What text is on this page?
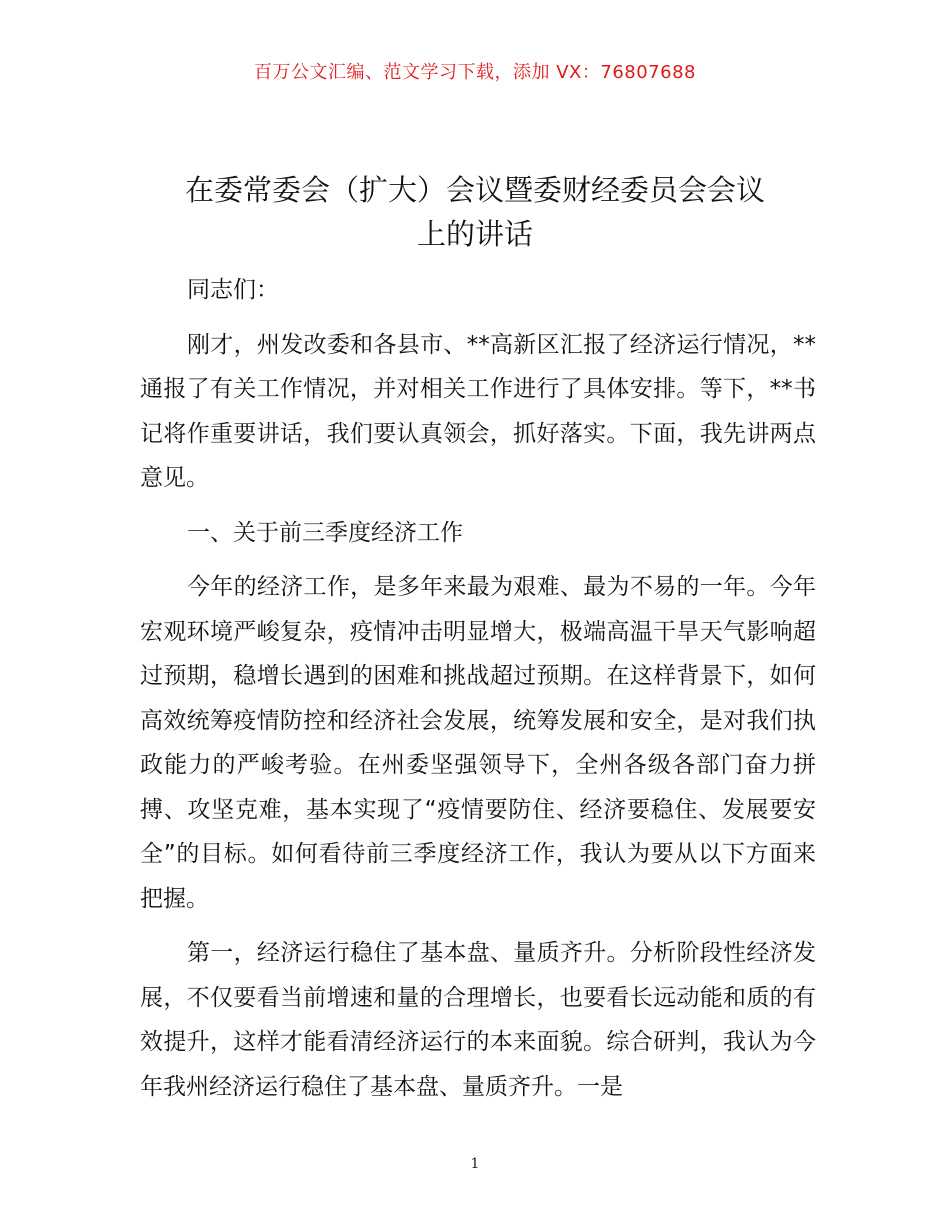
百万公文汇编、范文学习下载，添加 VX：76807688
在委常委会（扩大）会议暨委财经委员会会议
上的讲话

同志们：

刚才，州发改委和各县市、**高新区汇报了经济运行情况，**通报了有关工作情况，并对相关工作进行了具体安排。等下，**书记将作重要讲话，我们要认真领会，抓好落实。下面，我先讲两点意见。

一、关于前三季度经济工作

今年的经济工作，是多年来最为艰难、最为不易的一年。今年宏观环境严峻复杂，疫情冲击明显增大，极端高温干旱天气影响超过预期，稳增长遇到的困难和挑战超过预期。在这样背景下，如何高效统筹疫情防控和经济社会发展，统筹发展和安全，是对我们执政能力的严峻考验。在州委坚强领导下，全州各级各部门奋力拼搏、攻坚克难，基本实现了“疫情要防住、经济要稳住、发展要安全”的目标。如何看待前三季度经济工作，我认为要从以下方面来把握。

第一，经济运行稳住了基本盘、量质齐升。分析阶段性经济发展，不仅要看当前增速和量的合理增长，也要看长远动能和质的有效提升，这样才能看清经济运行的本来面貌。综合研判，我认为今年我州经济运行稳住了基本盘、量质齐升。一是

1
